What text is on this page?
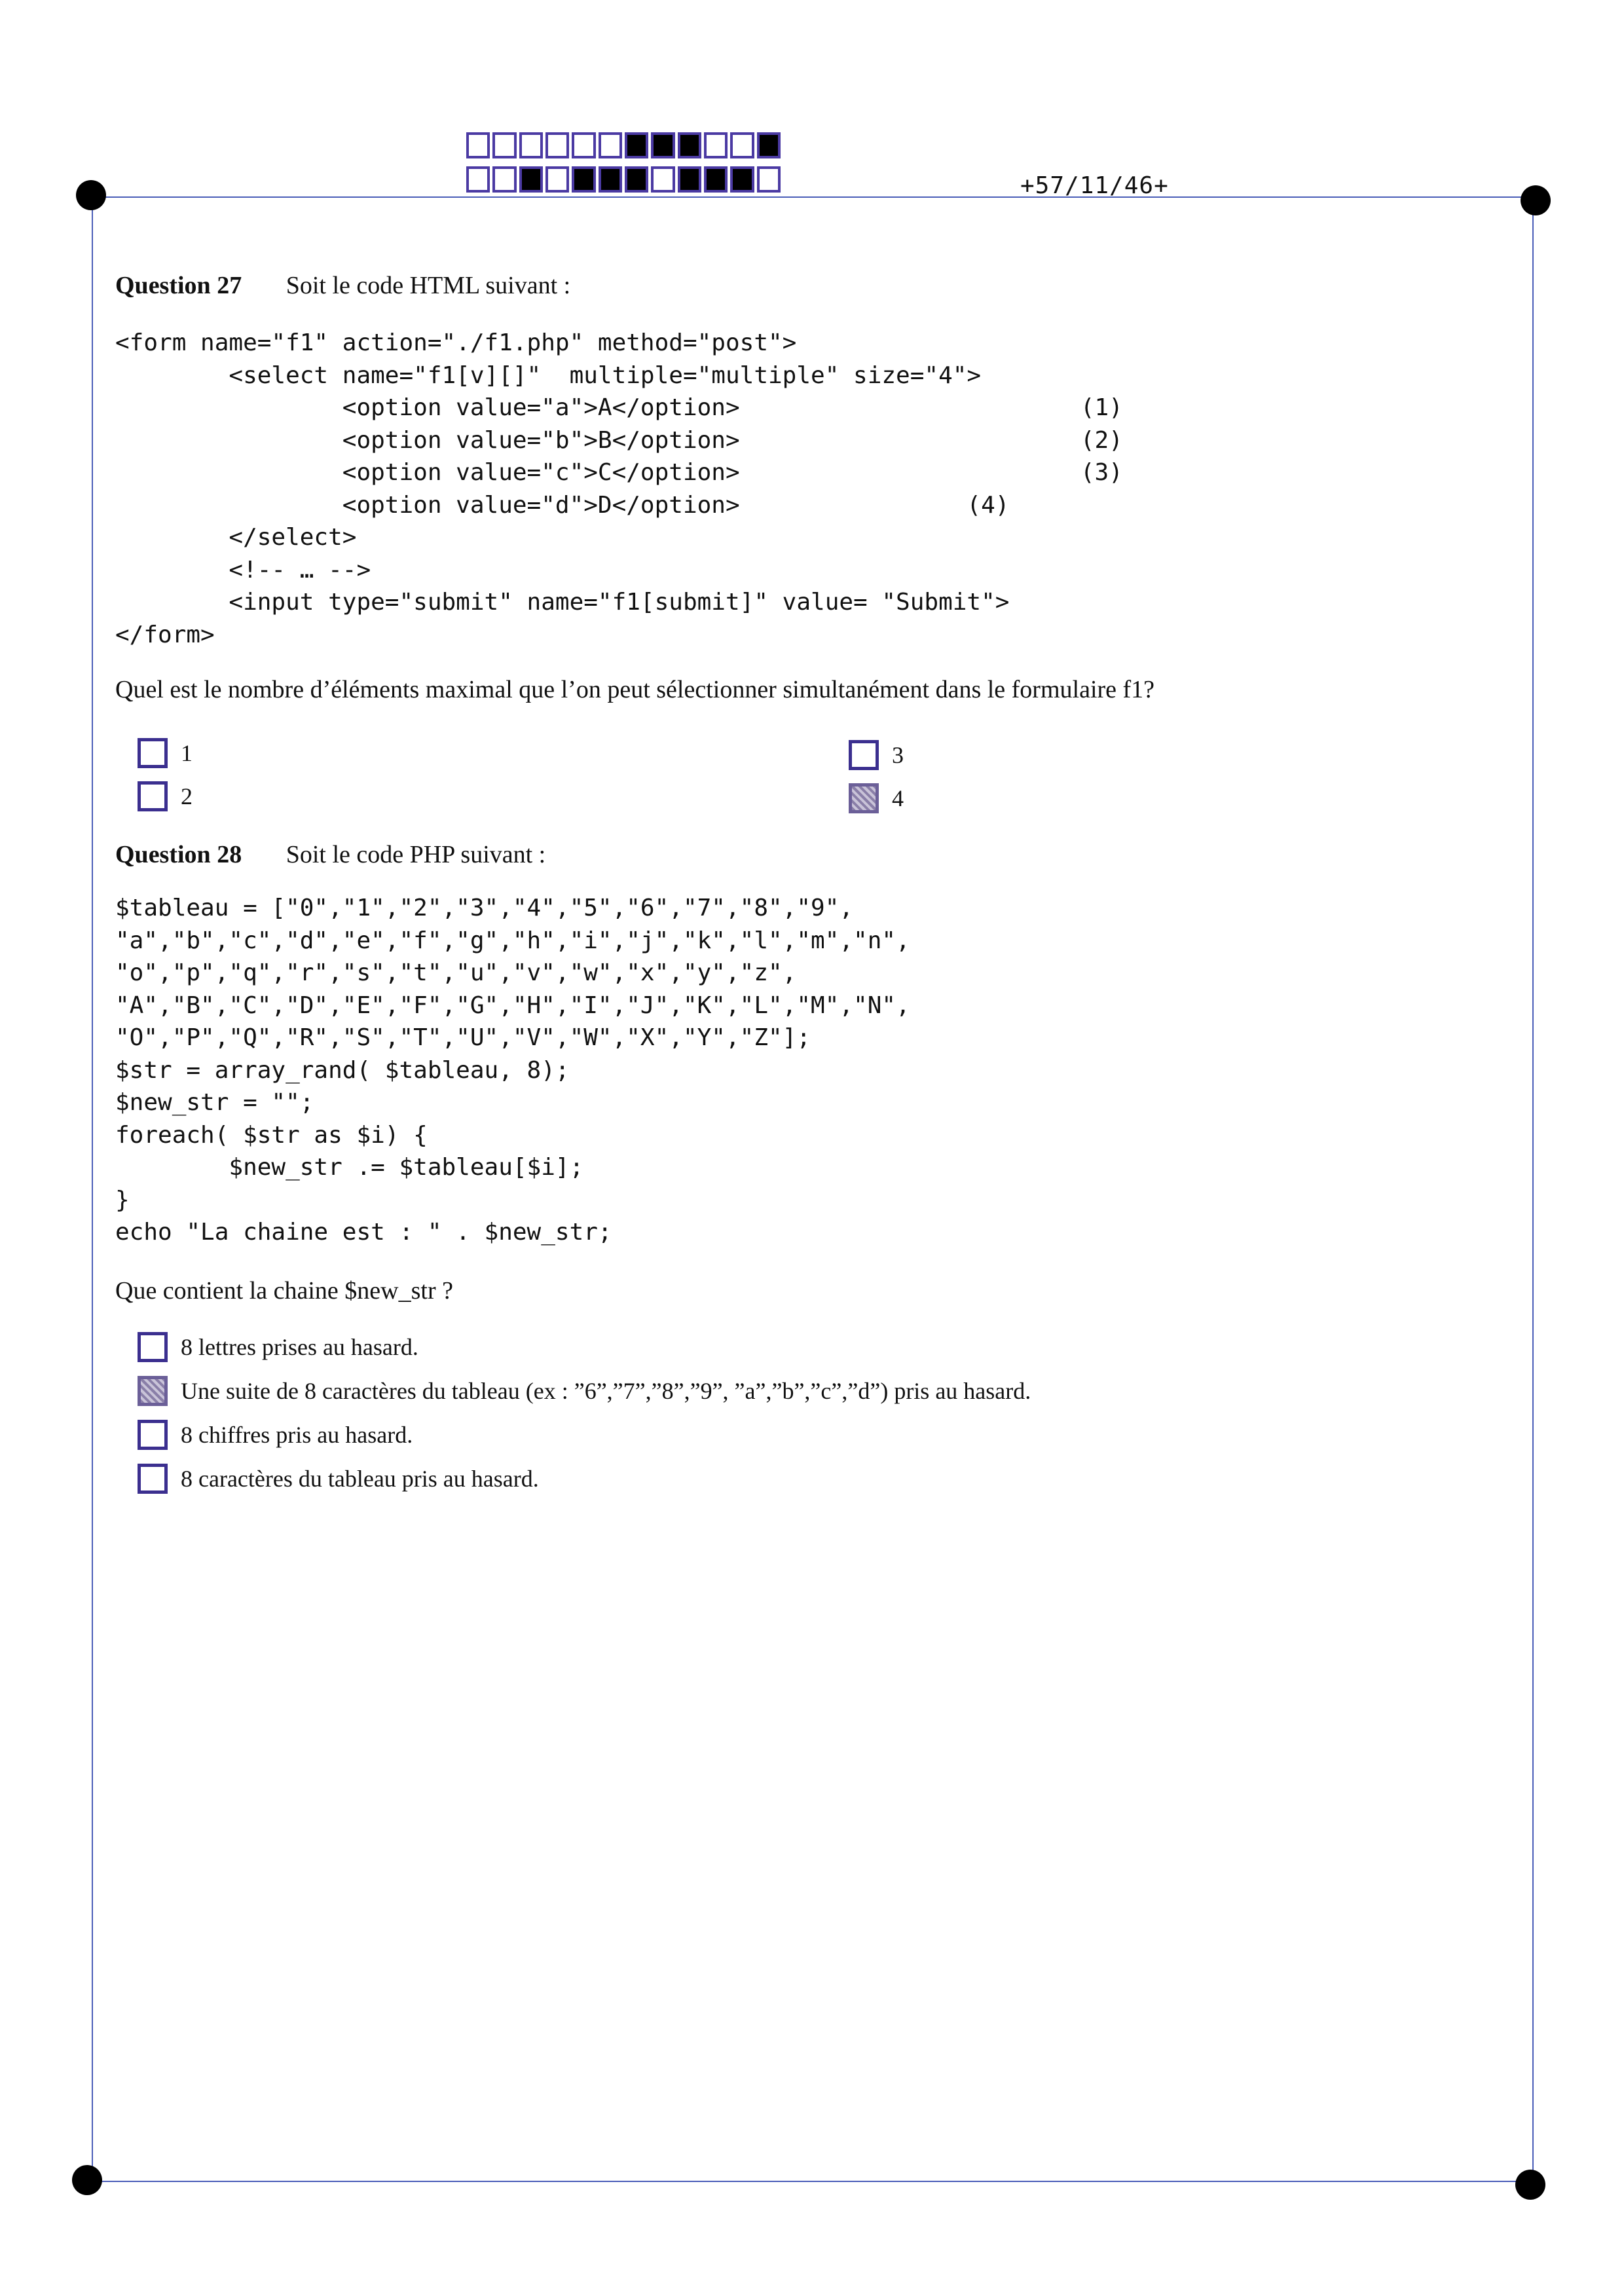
+57/11/46+
Question 27 Soit le code HTML suivant :
<form name="f1" action="./f1.php" method="post">
<select name="f1[v][]"  multiple="multiple" size="4">
<option value="a">A</option>                        (1)
<option value="b">B</option>                        (2)
<option value="c">C</option>                        (3)
<option value="d">D</option>                (4)
</select>
<!-- … -->
<input type="submit" name="f1[submit]" value= "Submit">
</form>
Quel est le nombre d’éléments maximal que l’on peut sélectionner simultanément dans le formulaire f1?
1
2
3
4
Question 28 Soit le code PHP suivant :
$tableau = ["0","1","2","3","4","5","6","7","8","9",
"a","b","c","d","e","f","g","h","i","j","k","l","m","n",
"o","p","q","r","s","t","u","v","w","x","y","z",
"A","B","C","D","E","F","G","H","I","J","K","L","M","N",
"O","P","Q","R","S","T","U","V","W","X","Y","Z"];
$str = array_rand( $tableau, 8);
$new_str = "";
foreach( $str as $i) {
$new_str .= $tableau[$i];
}
echo "La chaine est : " . $new_str;
Que contient la chaine $new_str ?
8 lettres prises au hasard.
Une suite de 8 caractères du tableau (ex : ”6”,”7”,”8”,”9”, ”a”,”b”,”c”,”d”) pris au hasard.
8 chiffres pris au hasard.
8 caractères du tableau pris au hasard.
